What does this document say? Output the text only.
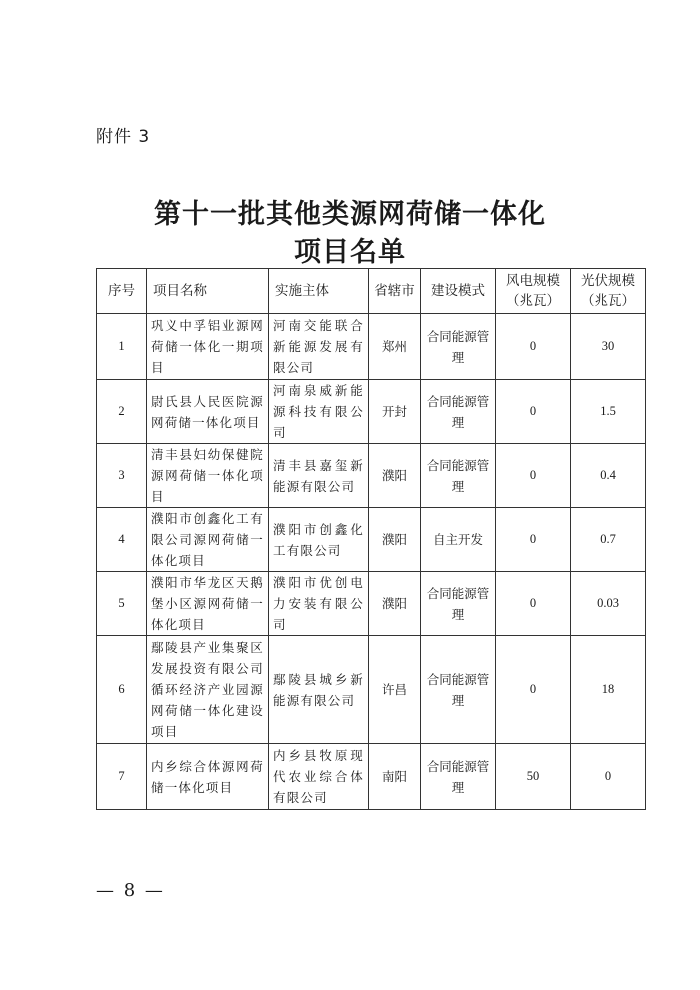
附件 3
第十一批其他类源网荷储一体化
项目名单
序号	项目名称	实施主体	省辖市	建设模式	风电规模（兆瓦）	光伏规模（兆瓦）
1	巩义中孚铝业源网荷储一体化一期项目	河南交能联合新能源发展有限公司	郑州	合同能源管理	0	30
2	尉氏县人民医院源网荷储一体化项目	河南泉威新能源科技有限公司	开封	合同能源管理	0	1.5
3	清丰县妇幼保健院源网荷储一体化项目	清丰县嘉玺新能源有限公司	濮阳	合同能源管理	0	0.4
4	濮阳市创鑫化工有限公司源网荷储一体化项目	濮阳市创鑫化工有限公司	濮阳	自主开发	0	0.7
5	濮阳市华龙区天鹅堡小区源网荷储一体化项目	濮阳市优创电力安装有限公司	濮阳	合同能源管理	0	0.03
6	鄢陵县产业集聚区发展投资有限公司循环经济产业园源网荷储一体化建设项目	鄢陵县城乡新能源有限公司	许昌	合同能源管理	0	18
7	内乡综合体源网荷储一体化项目	内乡县牧原现代农业综合体有限公司	南阳	合同能源管理	50	0
— 8 —
